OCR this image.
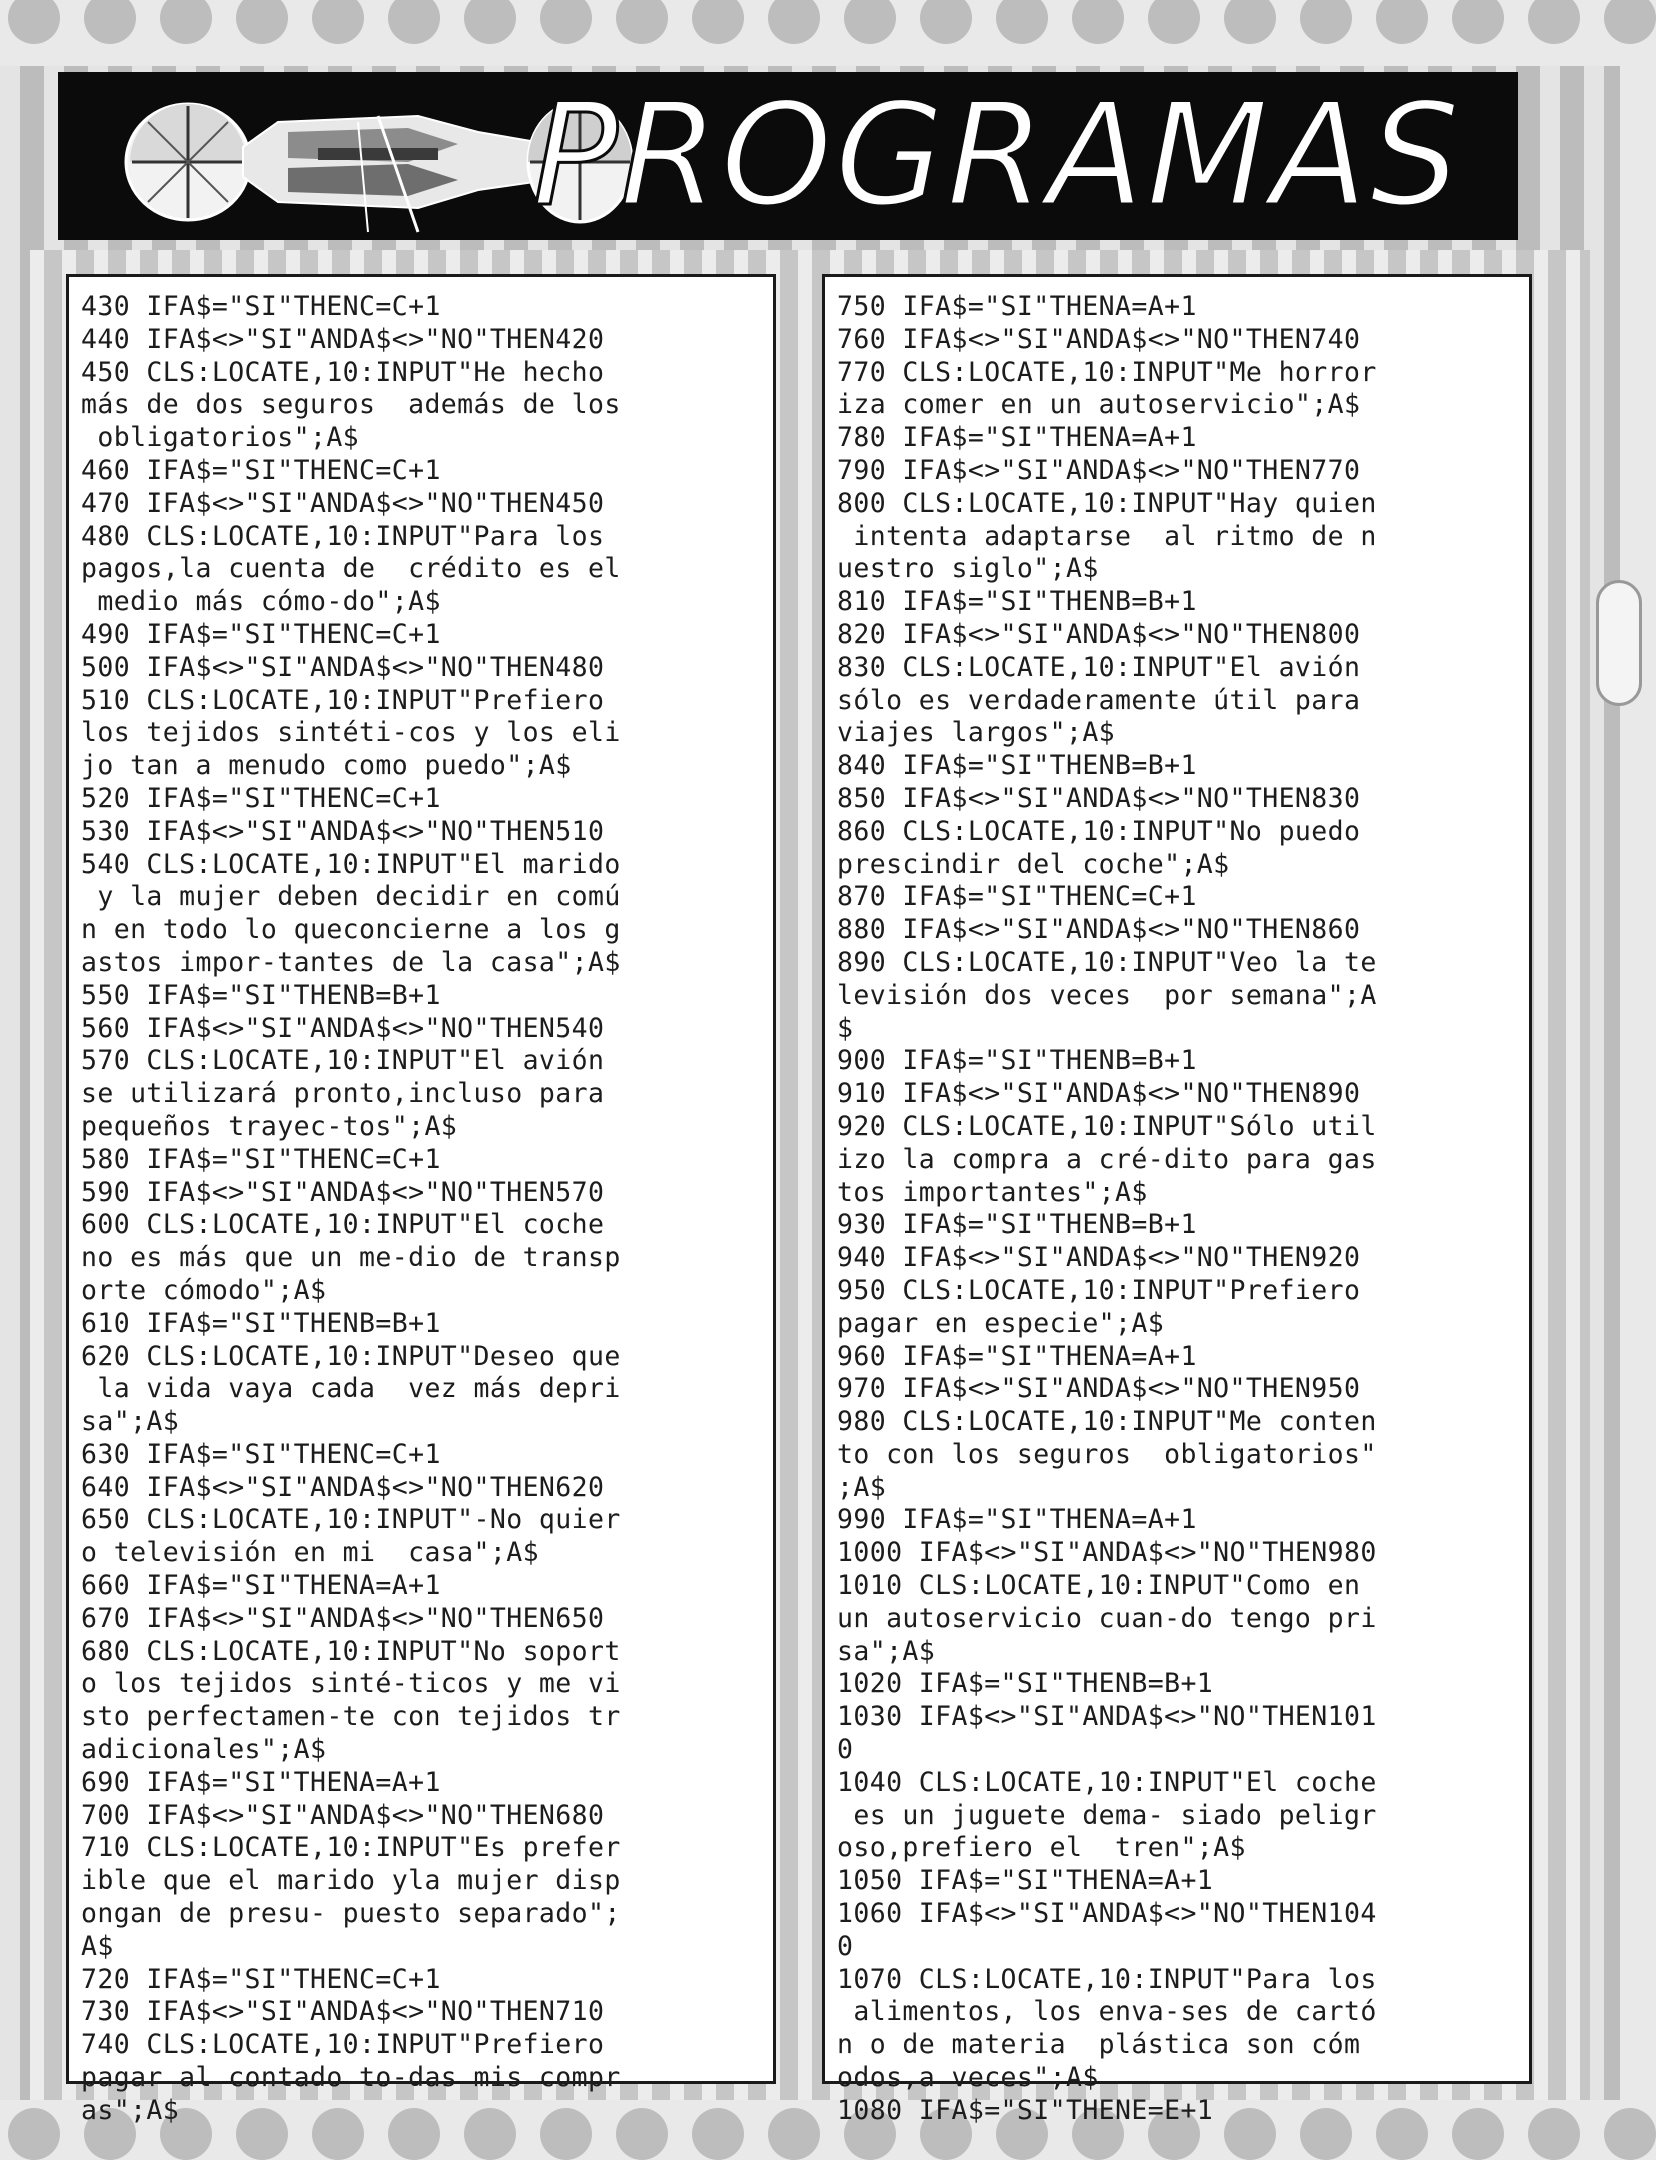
PROGRAMAS
430 IFA$="SI"THENC=C+1
440 IFA$<>"SI"ANDA$<>"NO"THEN420
450 CLS:LOCATE,10:INPUT"He hecho
más de dos seguros  además de los
obligatorios";A$
460 IFA$="SI"THENC=C+1
470 IFA$<>"SI"ANDA$<>"NO"THEN450
480 CLS:LOCATE,10:INPUT"Para los
pagos,la cuenta de  crédito es el
medio más cómo-do";A$
490 IFA$="SI"THENC=C+1
500 IFA$<>"SI"ANDA$<>"NO"THEN480
510 CLS:LOCATE,10:INPUT"Prefiero
los tejidos sintéti-cos y los eli
jo tan a menudo como puedo";A$
520 IFA$="SI"THENC=C+1
530 IFA$<>"SI"ANDA$<>"NO"THEN510
540 CLS:LOCATE,10:INPUT"El marido
y la mujer deben decidir en comú
n en todo lo queconcierne a los g
astos impor-tantes de la casa";A$
550 IFA$="SI"THENB=B+1
560 IFA$<>"SI"ANDA$<>"NO"THEN540
570 CLS:LOCATE,10:INPUT"El avión
se utilizará pronto,incluso para
pequeños trayec-tos";A$
580 IFA$="SI"THENC=C+1
590 IFA$<>"SI"ANDA$<>"NO"THEN570
600 CLS:LOCATE,10:INPUT"El coche
no es más que un me-dio de transp
orte cómodo";A$
610 IFA$="SI"THENB=B+1
620 CLS:LOCATE,10:INPUT"Deseo que
la vida vaya cada  vez más depri
sa";A$
630 IFA$="SI"THENC=C+1
640 IFA$<>"SI"ANDA$<>"NO"THEN620
650 CLS:LOCATE,10:INPUT"-No quier
o televisión en mi  casa";A$
660 IFA$="SI"THENA=A+1
670 IFA$<>"SI"ANDA$<>"NO"THEN650
680 CLS:LOCATE,10:INPUT"No soport
o los tejidos sinté-ticos y me vi
sto perfectamen-te con tejidos tr
adicionales";A$
690 IFA$="SI"THENA=A+1
700 IFA$<>"SI"ANDA$<>"NO"THEN680
710 CLS:LOCATE,10:INPUT"Es prefer
ible que el marido yla mujer disp
ongan de presu- puesto separado";
A$
720 IFA$="SI"THENC=C+1
730 IFA$<>"SI"ANDA$<>"NO"THEN710
740 CLS:LOCATE,10:INPUT"Prefiero
pagar al contado to-das mis compr
as";A$
750 IFA$="SI"THENA=A+1
760 IFA$<>"SI"ANDA$<>"NO"THEN740
770 CLS:LOCATE,10:INPUT"Me horror
iza comer en un autoservicio";A$
780 IFA$="SI"THENA=A+1
790 IFA$<>"SI"ANDA$<>"NO"THEN770
800 CLS:LOCATE,10:INPUT"Hay quien
intenta adaptarse  al ritmo de n
uestro siglo";A$
810 IFA$="SI"THENB=B+1
820 IFA$<>"SI"ANDA$<>"NO"THEN800
830 CLS:LOCATE,10:INPUT"El avión
sólo es verdaderamente útil para
viajes largos";A$
840 IFA$="SI"THENB=B+1
850 IFA$<>"SI"ANDA$<>"NO"THEN830
860 CLS:LOCATE,10:INPUT"No puedo
prescindir del coche";A$
870 IFA$="SI"THENC=C+1
880 IFA$<>"SI"ANDA$<>"NO"THEN860
890 CLS:LOCATE,10:INPUT"Veo la te
levisión dos veces  por semana";A
$
900 IFA$="SI"THENB=B+1
910 IFA$<>"SI"ANDA$<>"NO"THEN890
920 CLS:LOCATE,10:INPUT"Sólo util
izo la compra a cré-dito para gas
tos importantes";A$
930 IFA$="SI"THENB=B+1
940 IFA$<>"SI"ANDA$<>"NO"THEN920
950 CLS:LOCATE,10:INPUT"Prefiero
pagar en especie";A$
960 IFA$="SI"THENA=A+1
970 IFA$<>"SI"ANDA$<>"NO"THEN950
980 CLS:LOCATE,10:INPUT"Me conten
to con los seguros  obligatorios"
;A$
990 IFA$="SI"THENA=A+1
1000 IFA$<>"SI"ANDA$<>"NO"THEN980
1010 CLS:LOCATE,10:INPUT"Como en
un autoservicio cuan-do tengo pri
sa";A$
1020 IFA$="SI"THENB=B+1
1030 IFA$<>"SI"ANDA$<>"NO"THEN101
0
1040 CLS:LOCATE,10:INPUT"El coche
es un juguete dema- siado peligr
oso,prefiero el  tren";A$
1050 IFA$="SI"THENA=A+1
1060 IFA$<>"SI"ANDA$<>"NO"THEN104
0
1070 CLS:LOCATE,10:INPUT"Para los
alimentos, los enva-ses de cartó
n o de materia  plástica son cóm
odos,a veces";A$
1080 IFA$="SI"THENE=E+1
